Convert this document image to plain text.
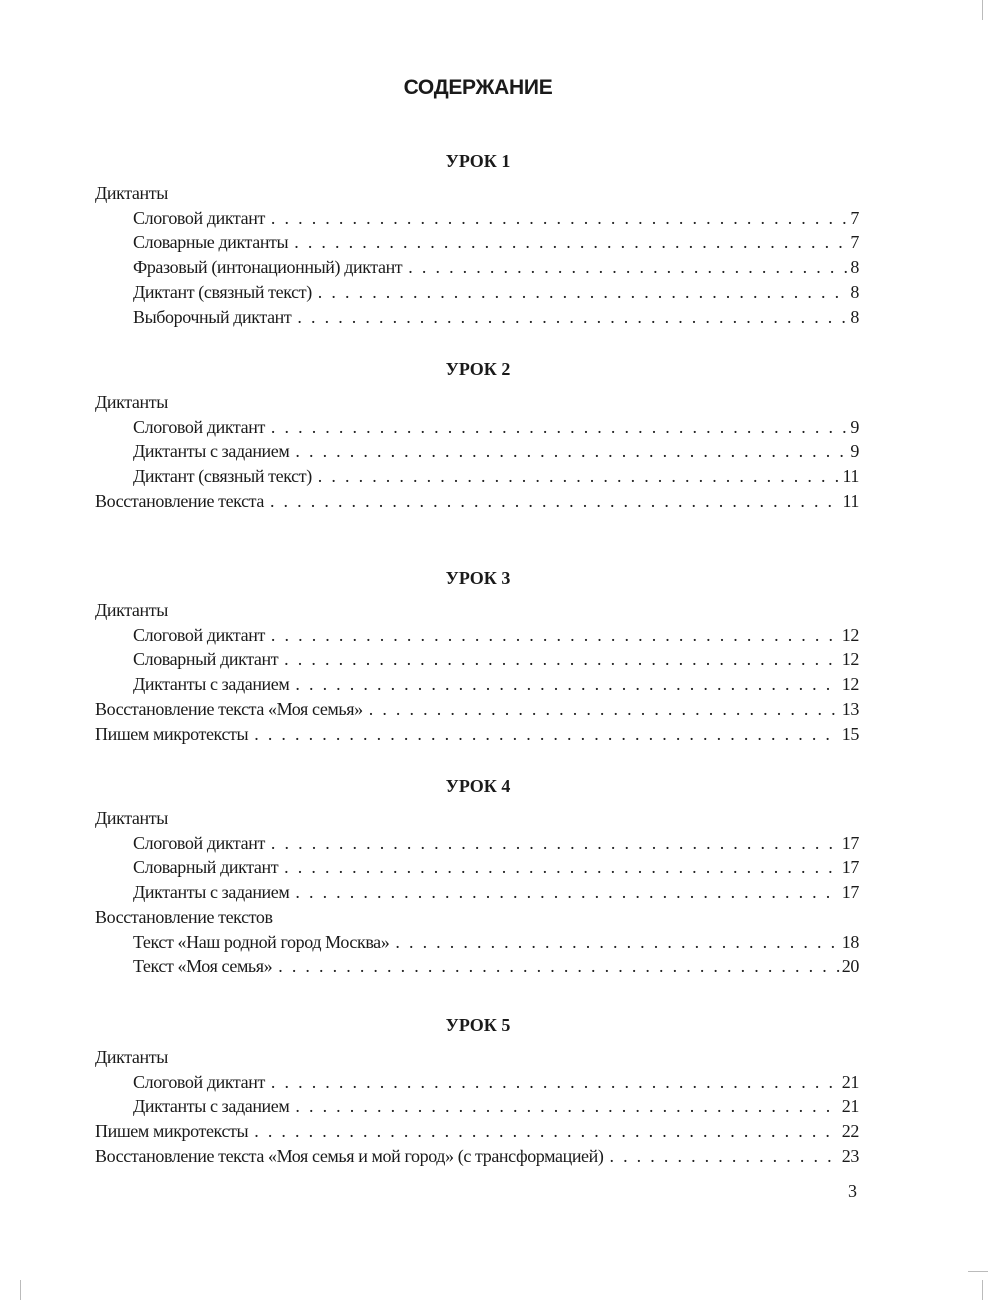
СОДЕРЖАНИЕ
УРОК 1
Диктанты
Слоговой диктант . . .	7
Словарные диктанты . . .	7
Фразовый (интонационный) диктант . . .	8
Диктант (связный текст) . . .	8
Выборочный диктант . . .	8
УРОК 2
Диктанты
Слоговой диктант . . .	9
Диктанты с заданием . . .	9
Диктант (связный текст) . . .	11
Восстановление текста . . .	11
УРОК 3
Диктанты
Слоговой диктант . . .	12
Словарный диктант . . .	12
Диктанты с заданием . . .	12
Восстановление текста «Моя семья» . . .	13
Пишем микротексты . . .	15
УРОК 4
Диктанты
Слоговой диктант . . .	17
Словарный диктант . . .	17
Диктанты с заданием . . .	17
Восстановление текстов
Текст «Наш родной город Москва» . . .	18
Текст «Моя семья» . . .	20
УРОК 5
Диктанты
Слоговой диктант . . .	21
Диктанты с заданием . . .	21
Пишем микротексты . . .	22
Восстановление текста «Моя семья и мой город» (с трансформацией) . . .	23
3
